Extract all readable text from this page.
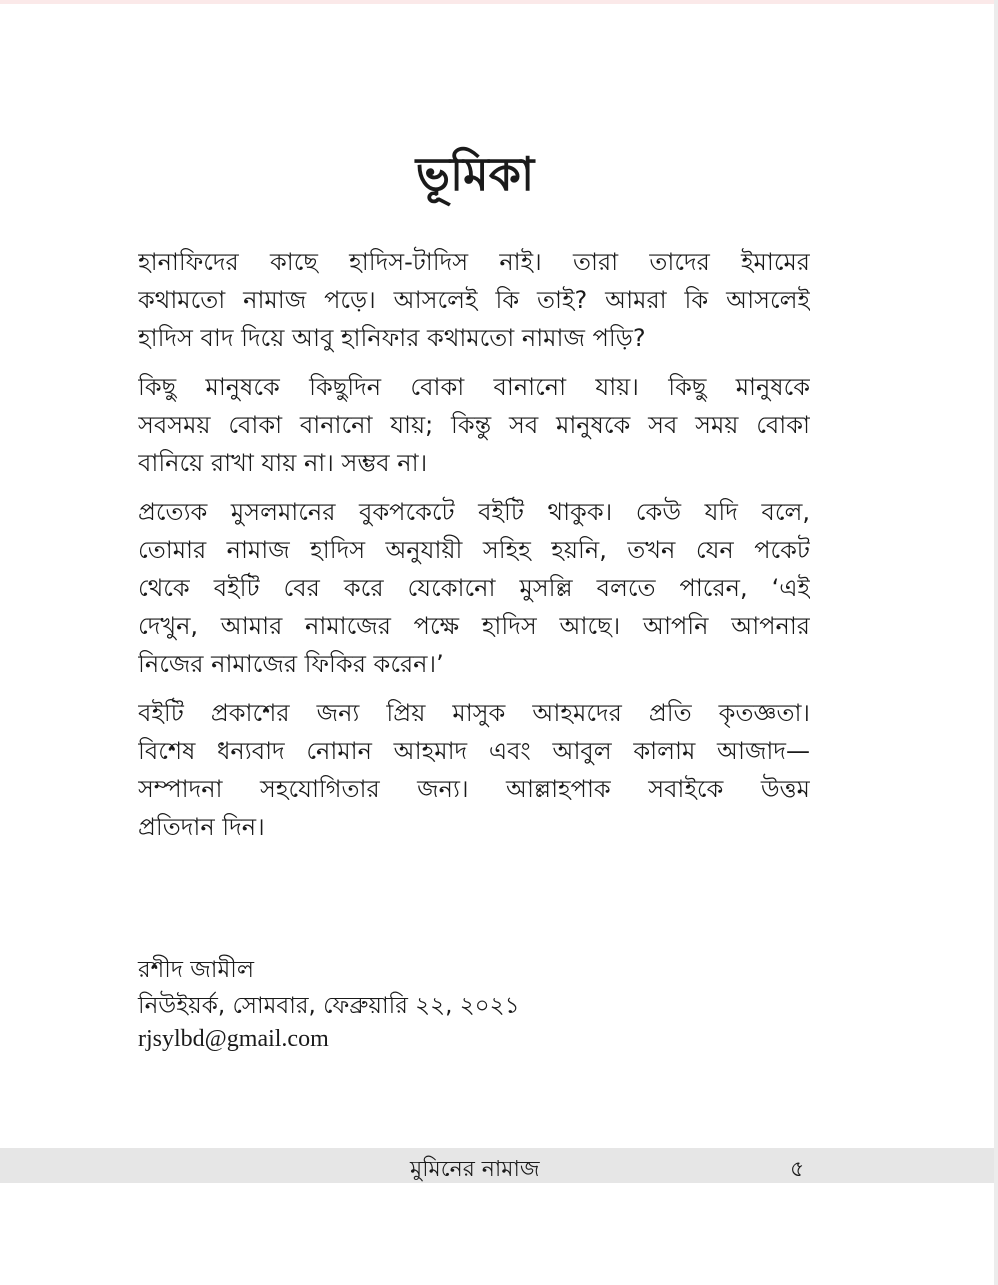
ভূমিকা
হানাফিদের কাছে হাদিস-টাদিস নাই। তারা তাদের ইমামের
কথামতো নামাজ পড়ে। আসলেই কি তাই? আমরা কি আসলেই
হাদিস বাদ দিয়ে আবু হানিফার কথামতো নামাজ পড়ি?
কিছু মানুষকে কিছুদিন বোকা বানানো যায়। কিছু মানুষকে
সবসময় বোকা বানানো যায়; কিন্তু সব মানুষকে সব সময় বোকা
বানিয়ে রাখা যায় না। সম্ভব না।
প্রত্যেক মুসলমানের বুকপকেটে বইটি থাকুক। কেউ যদি বলে,
তোমার নামাজ হাদিস অনুযায়ী সহিহ হয়নি, তখন যেন পকেট
থেকে বইটি বের করে যেকোনো মুসল্লি বলতে পারেন, ‘এই
দেখুন, আমার নামাজের পক্ষে হাদিস আছে। আপনি আপনার
নিজের নামাজের ফিকির করেন।’
বইটি প্রকাশের জন্য প্রিয় মাসুক আহমদের প্রতি কৃতজ্ঞতা।
বিশেষ ধন্যবাদ নোমান আহমাদ এবং আবুল কালাম আজাদ—
সম্পাদনা সহযোগিতার জন্য। আল্লাহপাক সবাইকে উত্তম
প্রতিদান দিন।
রশীদ জামীল
নিউইয়র্ক, সোমবার, ফেব্রুয়ারি ২২, ২০২১
rjsylbd@gmail.com
মুমিনের নামাজ	৫
